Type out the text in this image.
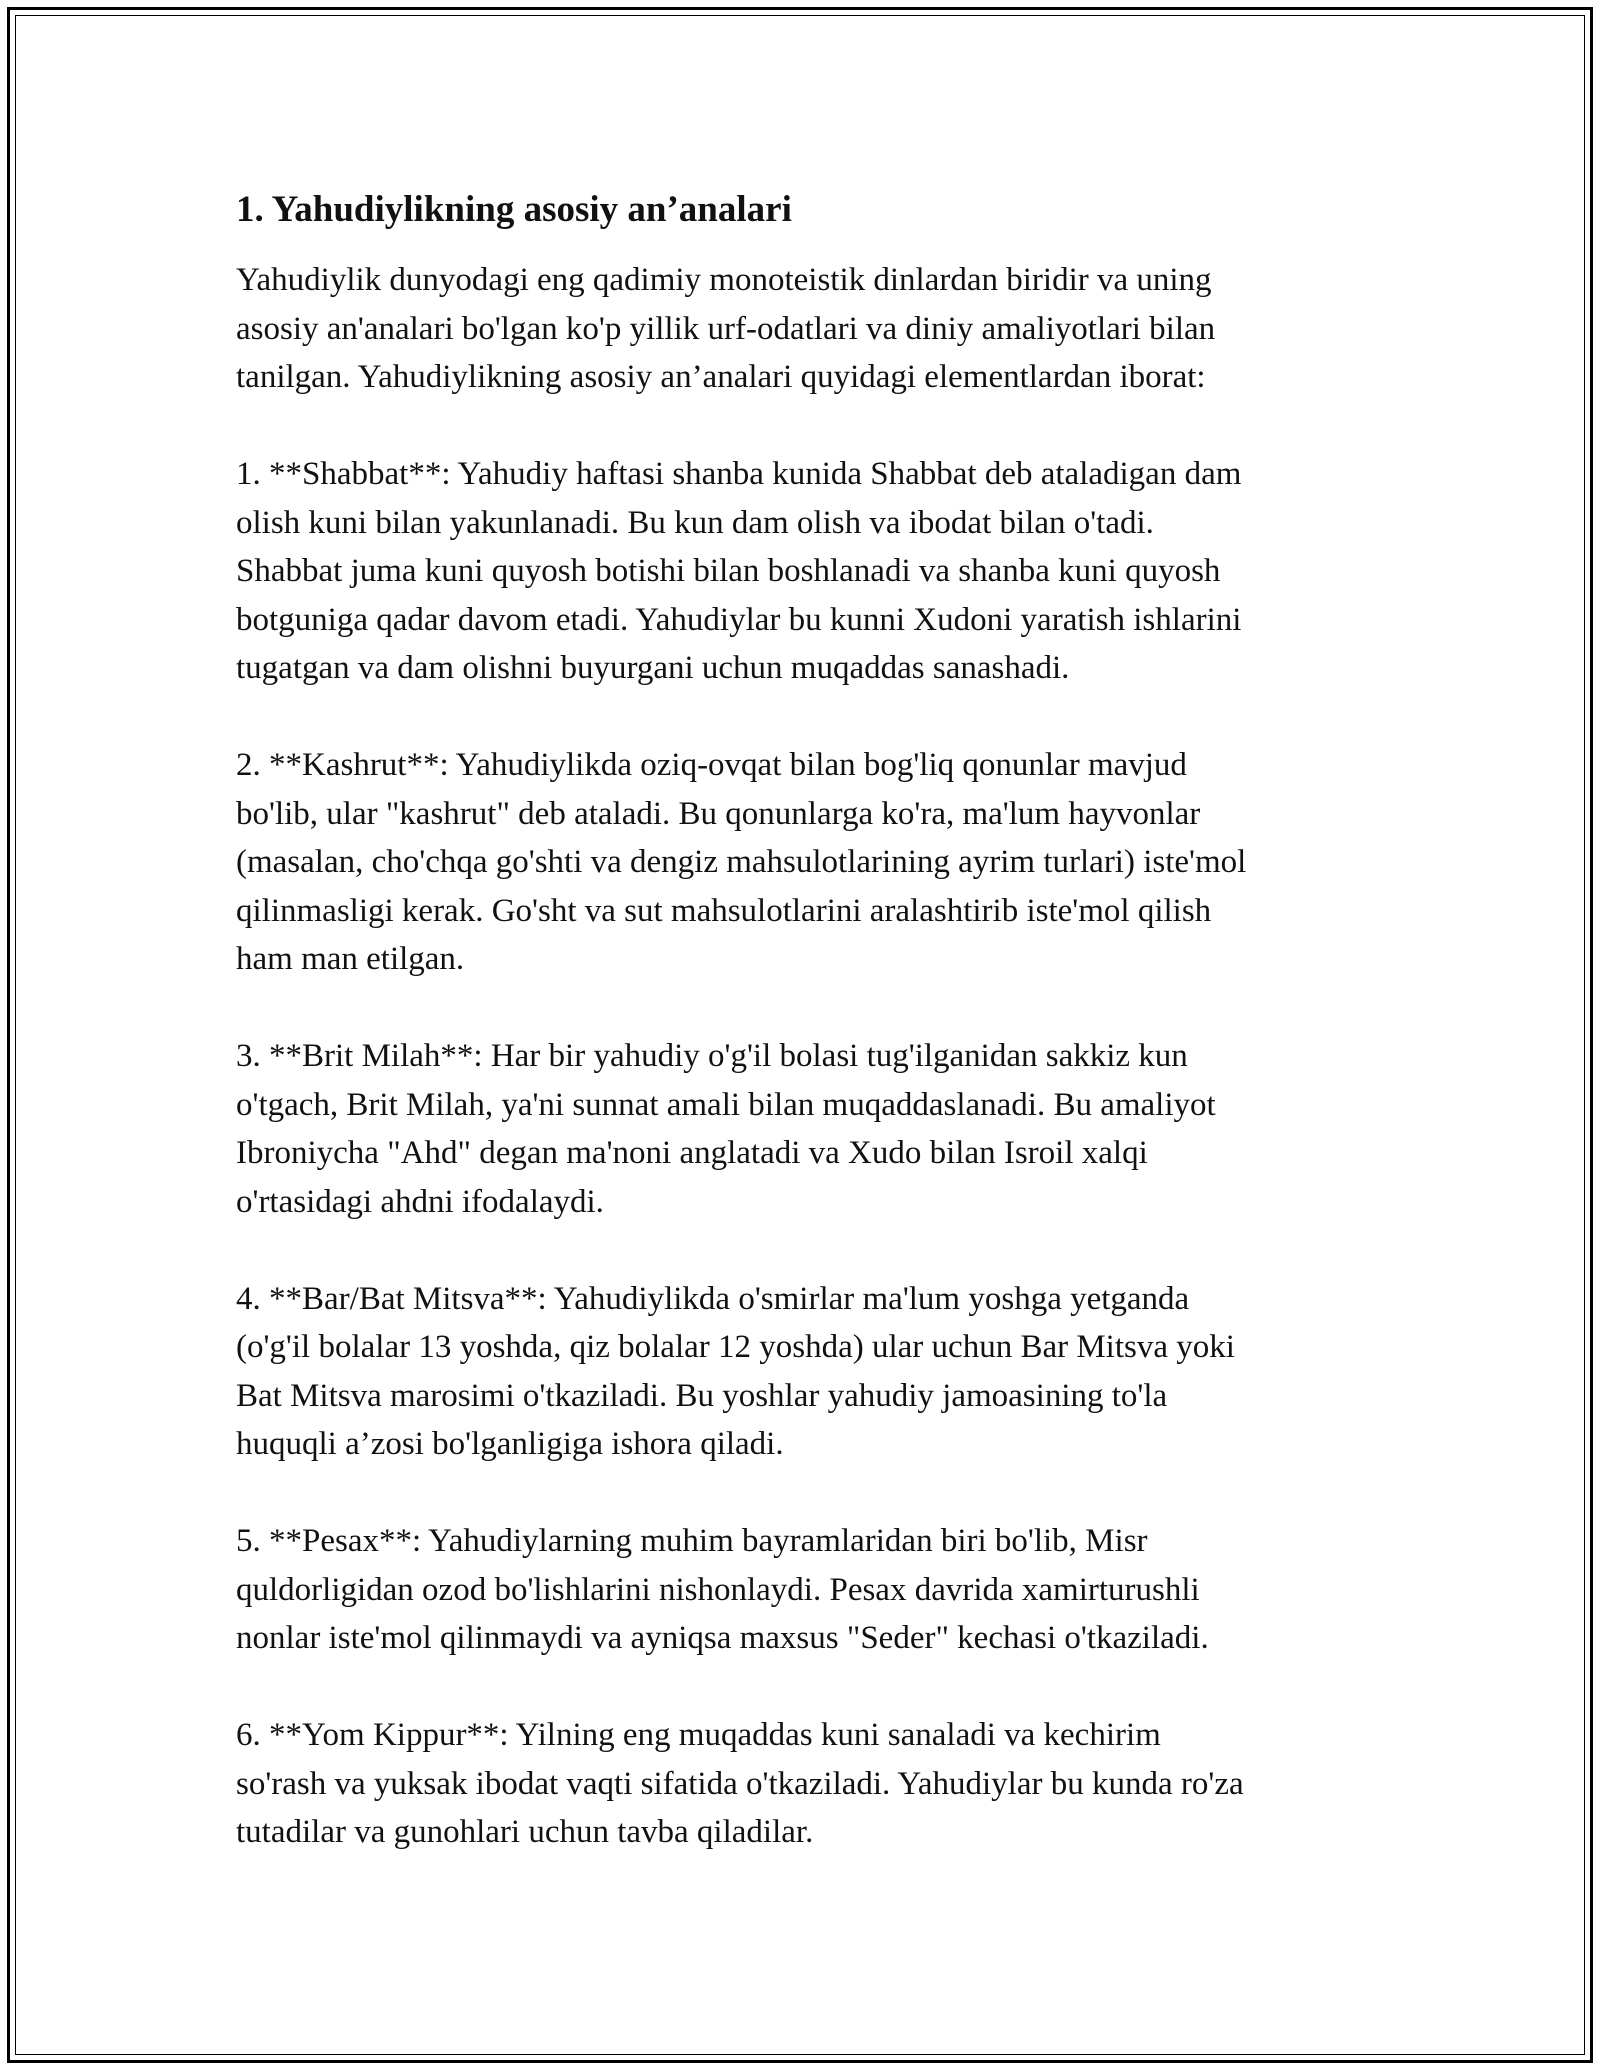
1. Yahudiylikning asosiy an’analari

Yahudiylik dunyodagi eng qadimiy monoteistik dinlardan biridir va uning
asosiy an'analari bo'lgan ko'p yillik urf-odatlari va diniy amaliyotlari bilan
tanilgan. Yahudiylikning asosiy an’analari quyidagi elementlardan iborat:

1. **Shabbat**: Yahudiy haftasi shanba kunida Shabbat deb ataladigan dam
olish kuni bilan yakunlanadi. Bu kun dam olish va ibodat bilan o'tadi.
Shabbat juma kuni quyosh botishi bilan boshlanadi va shanba kuni quyosh
botguniga qadar davom etadi. Yahudiylar bu kunni Xudoni yaratish ishlarini
tugatgan va dam olishni buyurgani uchun muqaddas sanashadi.

2. **Kashrut**: Yahudiylikda oziq-ovqat bilan bog'liq qonunlar mavjud
bo'lib, ular "kashrut" deb ataladi. Bu qonunlarga ko'ra, ma'lum hayvonlar
(masalan, cho'chqa go'shti va dengiz mahsulotlarining ayrim turlari) iste'mol
qilinmasligi kerak. Go'sht va sut mahsulotlarini aralashtirib iste'mol qilish
ham man etilgan.

3. **Brit Milah**: Har bir yahudiy o'g'il bolasi tug'ilganidan sakkiz kun
o'tgach, Brit Milah, ya'ni sunnat amali bilan muqaddaslanadi. Bu amaliyot
Ibroniycha "Ahd" degan ma'noni anglatadi va Xudo bilan Isroil xalqi
o'rtasidagi ahdni ifodalaydi.

4. **Bar/Bat Mitsva**: Yahudiylikda o'smirlar ma'lum yoshga yetganda
(o'g'il bolalar 13 yoshda, qiz bolalar 12 yoshda) ular uchun Bar Mitsva yoki
Bat Mitsva marosimi o'tkaziladi. Bu yoshlar yahudiy jamoasining to'la
huquqli a’zosi bo'lganligiga ishora qiladi.

5. **Pesax**: Yahudiylarning muhim bayramlaridan biri bo'lib, Misr
quldorligidan ozod bo'lishlarini nishonlaydi. Pesax davrida xamirturushli
nonlar iste'mol qilinmaydi va ayniqsa maxsus "Seder" kechasi o'tkaziladi.

6. **Yom Kippur**: Yilning eng muqaddas kuni sanaladi va kechirim
so'rash va yuksak ibodat vaqti sifatida o'tkaziladi. Yahudiylar bu kunda ro'za
tutadilar va gunohlari uchun tavba qiladilar.
